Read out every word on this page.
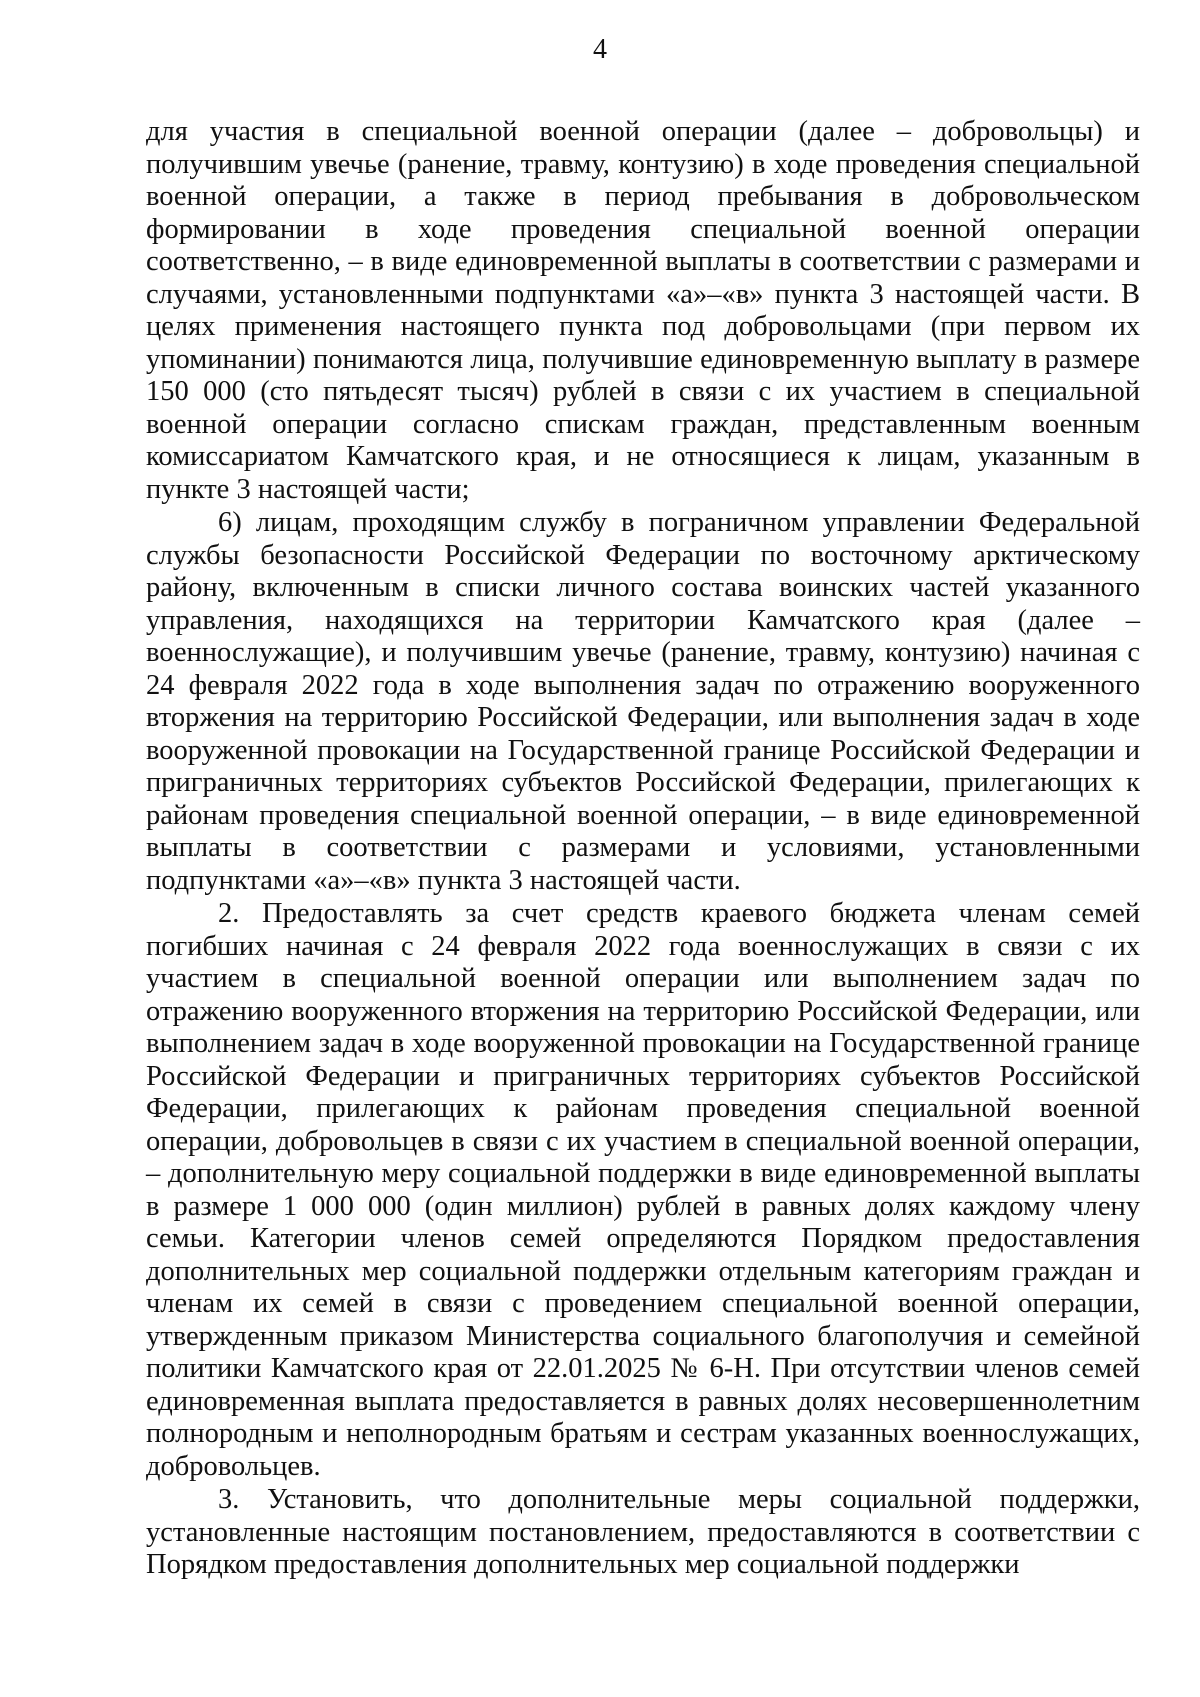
4

для участия в специальной военной операции (далее – добровольцы) и получившим увечье (ранение, травму, контузию) в ходе проведения специальной военной операции, а также в период пребывания в добровольческом формировании в ходе проведения специальной военной операции соответственно, – в виде единовременной выплаты в соответствии с размерами и случаями, установленными подпунктами «а»–«в» пункта 3 настоящей части. В целях применения настоящего пункта под добровольцами (при первом их упоминании) понимаются лица, получившие единовременную выплату в размере 150 000 (сто пятьдесят тысяч) рублей в связи с их участием в специальной военной операции согласно спискам граждан, представленным военным комиссариатом Камчатского края, и не относящиеся к лицам, указанным в пункте 3 настоящей части;

6) лицам, проходящим службу в пограничном управлении Федеральной службы безопасности Российской Федерации по восточному арктическому району, включенным в списки личного состава воинских частей указанного управления, находящихся на территории Камчатского края (далее – военнослужащие), и получившим увечье (ранение, травму, контузию) начиная с 24 февраля 2022 года в ходе выполнения задач по отражению вооруженного вторжения на территорию Российской Федерации, или выполнения задач в ходе вооруженной провокации на Государственной границе Российской Федерации и приграничных территориях субъектов Российской Федерации, прилегающих к районам проведения специальной военной операции, – в виде единовременной выплаты в соответствии с размерами и условиями, установленными подпунктами «а»–«в» пункта 3 настоящей части.

2. Предоставлять за счет средств краевого бюджета членам семей погибших начиная с 24 февраля 2022 года военнослужащих в связи с их участием в специальной военной операции или выполнением задач по отражению вооруженного вторжения на территорию Российской Федерации, или выполнением задач в ходе вооруженной провокации на Государственной границе Российской Федерации и приграничных территориях субъектов Российской Федерации, прилегающих к районам проведения специальной военной операции, добровольцев в связи с их участием в специальной военной операции, – дополнительную меру социальной поддержки в виде единовременной выплаты в размере 1 000 000 (один миллион) рублей в равных долях каждому члену семьи. Категории членов семей определяются Порядком предоставления дополнительных мер социальной поддержки отдельным категориям граждан и членам их семей в связи с проведением специальной военной операции, утвержденным приказом Министерства социального благополучия и семейной политики Камчатского края от 22.01.2025 № 6-Н. При отсутствии членов семей единовременная выплата предоставляется в равных долях несовершеннолетним полнородным и неполнородным братьям и сестрам указанных военнослужащих, добровольцев.

3. Установить, что дополнительные меры социальной поддержки, установленные настоящим постановлением, предоставляются в соответствии с Порядком предоставления дополнительных мер социальной поддержки
